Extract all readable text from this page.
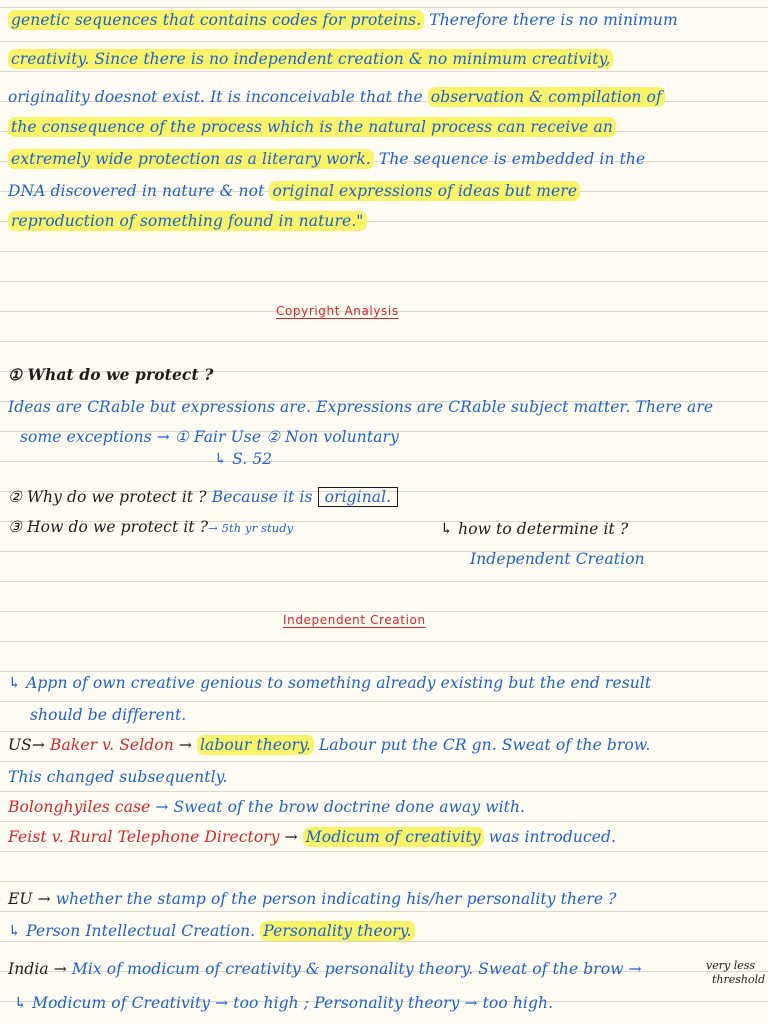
genetic sequences that contains codes for proteins. Therefore there is no minimum
creativity. Since there is no independent creation & no minimum creativity,
originality doesnot exist. It is inconceivable that the observation & compilation of
the consequence of the process which is the natural process can receive an
extremely wide protection as a literary work. The sequence is embedded in the
DNA discovered in nature & not original expressions of ideas but mere
reproduction of something found in nature."
Copyright Analysis
① What do we protect ?
Ideas are CRable but expressions are. Expressions are CRable subject matter. There are
some exceptions → ① Fair Use ② Non voluntary
↳ S. 52
② Why do we protect it ? Because it is original.
③ How do we protect it ?→ 5th yr study	↳ how to determine it ?
Independent Creation
Independent Creation
↳ Appn of own creative genious to something already existing but the end result
should be different.
US→ Baker v. Seldon → labour theory. Labour put the CR gn. Sweat of the brow.
This changed subsequently.
Bolonghyiles case → Sweat of the brow doctrine done away with.
Feist v. Rural Telephone Directory → Modicum of creativity was introduced.
EU → whether the stamp of the person indicating his/her personality there ?
↳ Person Intellectual Creation. Personality theory.
India → Mix of modicum of creativity & personality theory. Sweat of the brow →	very less
threshold
↳ Modicum of Creativity → too high ; Personality theory → too high.
